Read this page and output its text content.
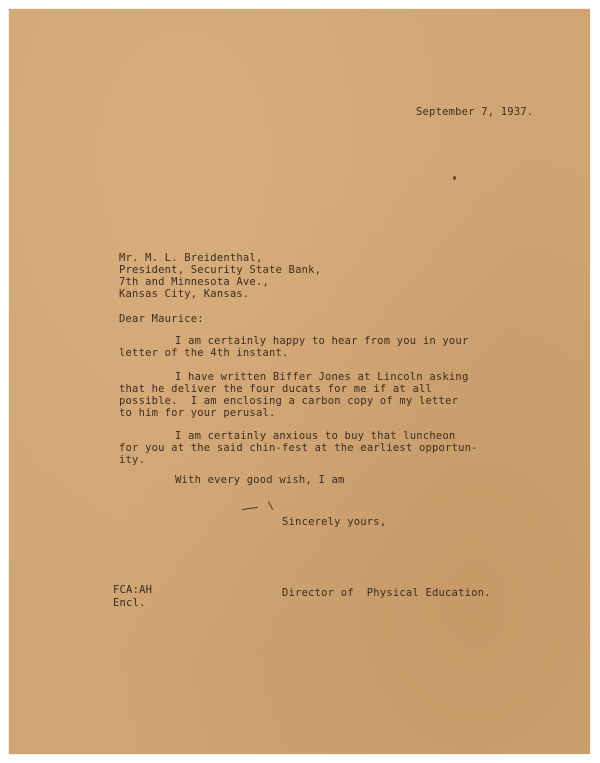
September 7, 1937.
Mr. M. L. Breidenthal,
President, Security State Bank,
7th and Minnesota Ave.,
Kansas City, Kansas.
Dear Maurice:
I am certainly happy to hear from you in your
letter of the 4th instant.
I have written Biffer Jones at Lincoln asking
that he deliver the four ducats for me if at all
possible.  I am enclosing a carbon copy of my letter
to him for your perusal.
I am certainly anxious to buy that luncheon
for you at the said chin-fest at the earliest opportun-
ity.
With every good wish, I am
Sincerely yours,
FCA:AH
Encl.
Director of  Physical Education.
